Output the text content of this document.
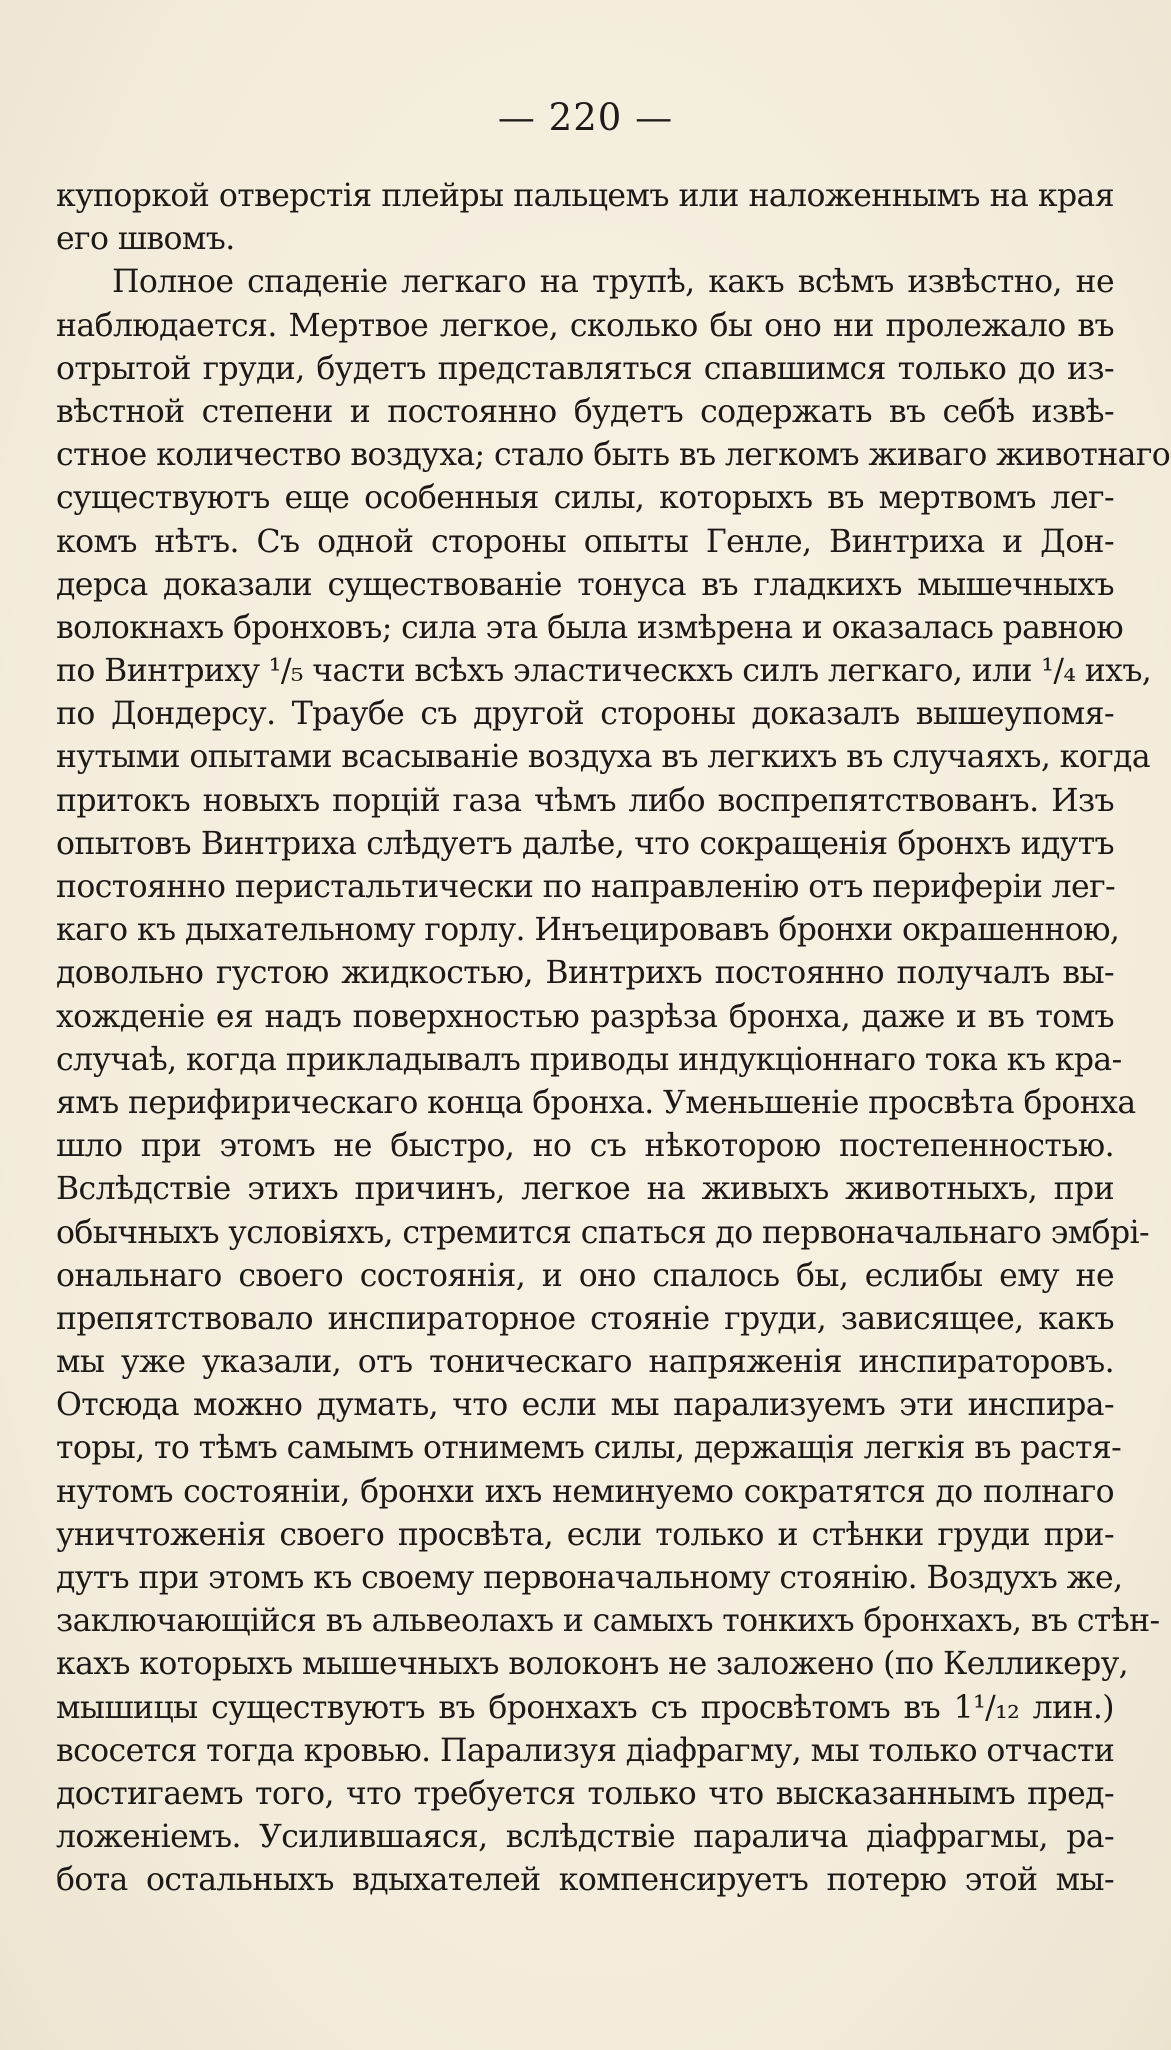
— 220 —
купоркой отверстія плейры пальцемъ или наложеннымъ на края
его швомъ.
Полное спаденіе легкаго на трупѣ, какъ всѣмъ извѣстно, не
наблюдается. Мертвое легкое, сколько бы оно ни пролежало въ
отрытой груди, будетъ представляться спавшимся только до из-
вѣстной степени и постоянно будетъ содержать въ себѣ извѣ-
стное количество воздуха; стало быть въ легкомъ живаго животнаго
существуютъ еще особенныя силы, которыхъ въ мертвомъ лег-
комъ нѣтъ. Съ одной стороны опыты Генле, Винтриха и Дон-
дерса доказали существованіе тонуса въ гладкихъ мышечныхъ
волокнахъ бронховъ; сила эта была измѣрена и оказалась равною
по Винтриху ¹/₅ части всѣхъ эластическхъ силъ легкаго, или ¹/₄ ихъ,
по Дондерсу. Траубе съ другой стороны доказалъ вышеупомя-
нутыми опытами всасываніе воздуха въ легкихъ въ случаяхъ, когда
притокъ новыхъ порцій газа чѣмъ либо воспрепятствованъ. Изъ
опытовъ Винтриха слѣдуетъ далѣе, что сокращенія бронхъ идутъ
постоянно перистальтически по направленію отъ периферіи лег-
каго къ дыхательному горлу. Инъецировавъ бронхи окрашенною,
довольно густою жидкостью, Винтрихъ постоянно получалъ вы-
хожденіе ея надъ поверхностью разрѣза бронха, даже и въ томъ
случаѣ, когда прикладывалъ приводы индукціоннаго тока къ кра-
ямъ перифирическаго конца бронха. Уменьшеніе просвѣта бронха
шло при этомъ не быстро, но съ нѣкоторою постепенностью.
Вслѣдствіе этихъ причинъ, легкое на живыхъ животныхъ, при
обычныхъ условіяхъ, стремится спаться до первоначальнаго эмбрі-
ональнаго своего состоянія, и оно спалось бы, еслибы ему не
препятствовало инспираторное стояніе груди, зависящее, какъ
мы уже указали, отъ тоническаго напряженія инспираторовъ.
Отсюда можно думать, что если мы парализуемъ эти инспира-
торы, то тѣмъ самымъ отнимемъ силы, держащія легкія въ растя-
нутомъ состояніи, бронхи ихъ неминуемо сократятся до полнаго
уничтоженія своего просвѣта, если только и стѣнки груди при-
дутъ при этомъ къ своему первоначальному стоянію. Воздухъ же,
заключающійся въ альвеолахъ и самыхъ тонкихъ бронхахъ, въ стѣн-
кахъ которыхъ мышечныхъ волоконъ не заложено (по Келликеру,
мышицы существуютъ въ бронхахъ съ просвѣтомъ въ 1¹/₁₂ лин.)
всосется тогда кровью. Парализуя діафрагму, мы только отчасти
достигаемъ того, что требуется только что высказаннымъ пред-
ложеніемъ. Усилившаяся, вслѣдствіе паралича діафрагмы, ра-
бота остальныхъ вдыхателей компенсируетъ потерю этой мы-
